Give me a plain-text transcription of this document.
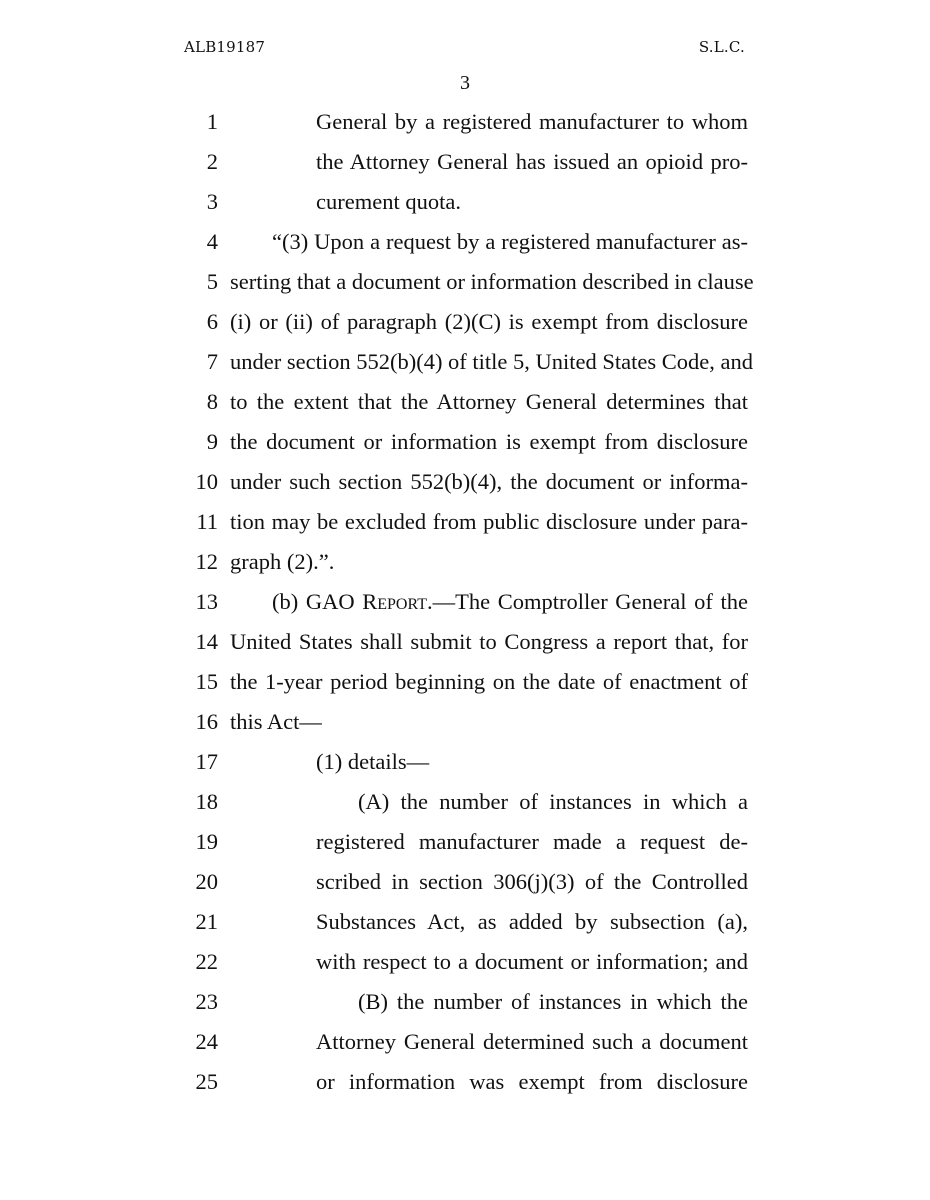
ALB19187	S.L.C.
3
1	General by a registered manufacturer to whom
2	the Attorney General has issued an opioid pro-
3	curement quota.
4 “(3) Upon a request by a registered manufacturer as-
5 serting that a document or information described in clause
6 (i) or (ii) of paragraph (2)(C) is exempt from disclosure
7 under section 552(b)(4) of title 5, United States Code, and
8 to the extent that the Attorney General determines that
9 the document or information is exempt from disclosure
10 under such section 552(b)(4), the document or informa-
11 tion may be excluded from public disclosure under para-
12 graph (2).”.
13 (b) GAO Report.—The Comptroller General of the
14 United States shall submit to Congress a report that, for
15 the 1-year period beginning on the date of enactment of
16 this Act—
17	(1) details—
18	(A) the number of instances in which a
19	registered manufacturer made a request de-
20	scribed in section 306(j)(3) of the Controlled
21	Substances Act, as added by subsection (a),
22	with respect to a document or information; and
23	(B) the number of instances in which the
24	Attorney General determined such a document
25	or information was exempt from disclosure
